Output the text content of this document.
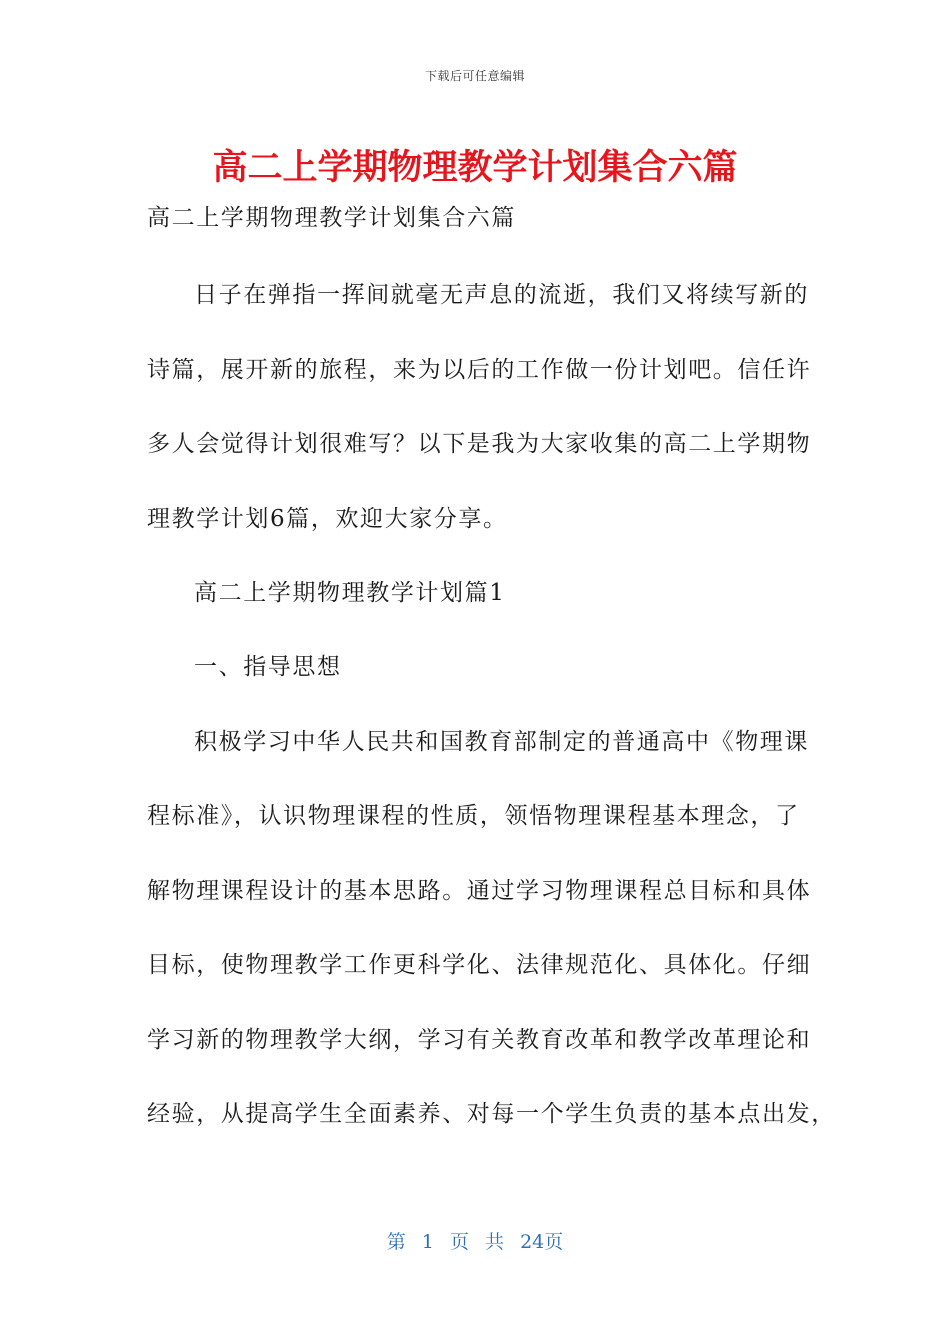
下载后可任意编辑
高二上学期物理教学计划集合六篇
高二上学期物理教学计划集合六篇
日子在弹指一挥间就毫无声息的流逝，我们又将续写新的
诗篇，展开新的旅程，来为以后的工作做一份计划吧。信任许
多人会觉得计划很难写？以下是我为大家收集的高二上学期物
理教学计划6篇，欢迎大家分享。
高二上学期物理教学计划篇1
一、指导思想
积极学习中华人民共和国教育部制定的普通高中《物理课
程标准》，认识物理课程的性质，领悟物理课程基本理念，了
解物理课程设计的基本思路。通过学习物理课程总目标和具体
目标，使物理教学工作更科学化、法律规范化、具体化。仔细
学习新的物理教学大纲，学习有关教育改革和教学改革理论和
经验，从提高学生全面素养、对每一个学生负责的基本点出发，
第 1 页 共 24页
